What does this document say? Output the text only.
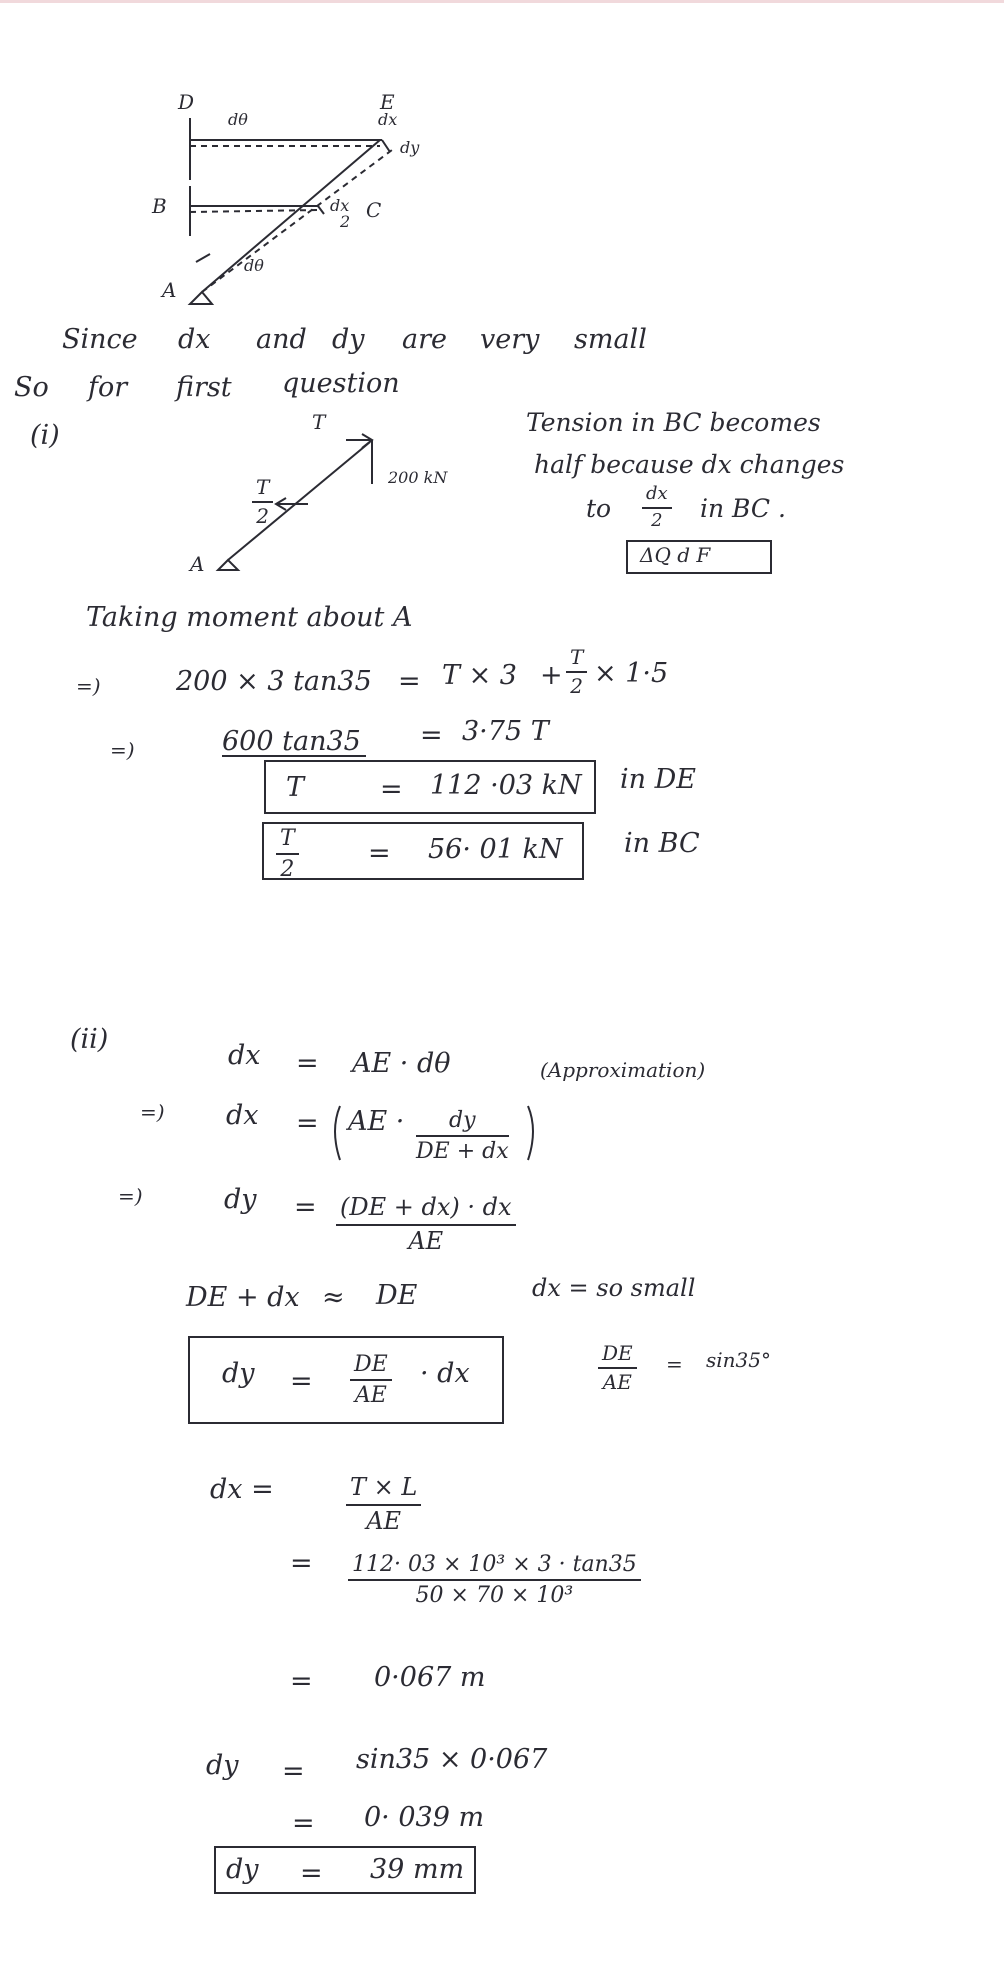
D	E
dθ	dx
dy
B	dx
2 C
dθ
A
Since dx and dy are very small
So for first question
(i)	T
200 kN
$\frac{T}{2}$
A
Tension in BC becomes
half because dx changes
to $\frac{dx}{2}$ in BC .
ΔQ d F
Taking moment about A
=)	200 × 3 $\tan 35 = T \times 3 + \frac{T}{2} \times 1\cdot 5$
=)	600 tan35 = 3·75 T
T	= 112 ·03 kN in DE
$\frac{T}{2}$	= 56· 01 kN in BC
(ii)
dx = AE · dθ	(Approximation)
=) dx = AE · $\frac{dy}{DE + dx}$
=)	dy = $\frac{(DE + dx) \cdot dx}{AE}$
DE + dx ≈ DE	dx = so small
dy = $\frac{DE}{AE}$ · dx	$\frac{DE}{AE} = \sin 35^\circ$
dx =	$\frac{T \times L}{AE}$
= $\frac{\text{112· 03 × 10³ × 3 · tan35}}{\text{50 × 70 × 10³}}$
= 0·067 m
dy = sin35 × 0·067
= 0· 039 m
dy = 39 mm
